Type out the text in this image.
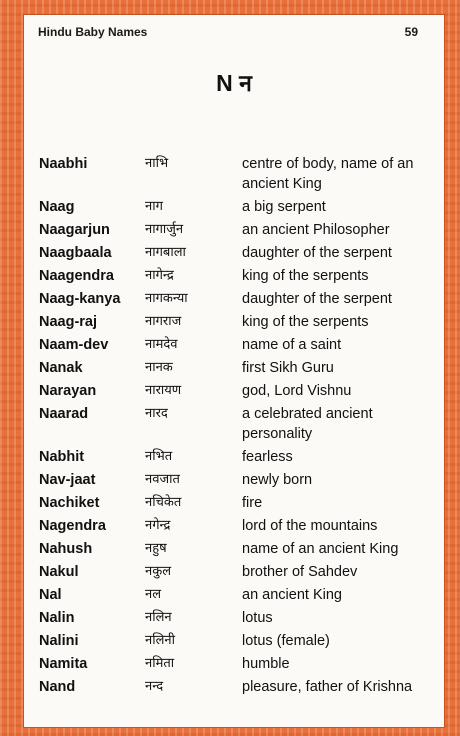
Hindu Baby Names	59
N न
Naabhi	नाभि	centre of body, name of an ancient King
Naag	नाग	a big serpent
Naagarjun	नागार्जुन	an ancient Philosopher
Naagbaala	नागबाला	daughter of the serpent
Naagendra नागेन्द्र	king of the serpents
Naag-kanya नागकन्या	daughter of the serpent
Naag-raj	नागराज	king of the serpents
Naam-dev	नामदेव	name of a saint
Nanak	नानक	first Sikh Guru
Narayan	नारायण	god, Lord Vishnu
Naarad	नारद	a celebrated ancient personality
Nabhit	नभित	fearless
Nav-jaat	नवजात	newly born
Nachiket	नचिकेत	fire
Nagendra	नगेन्द्र	lord of the mountains
Nahush	नहुष	name of an ancient King
Nakul	नकुल	brother of Sahdev
Nal	नल	an ancient King
Nalin	नलिन	lotus
Nalini	नलिनी	lotus (female)
Namita	नमिता	humble
Nand	नन्द	pleasure, father of Krishna
